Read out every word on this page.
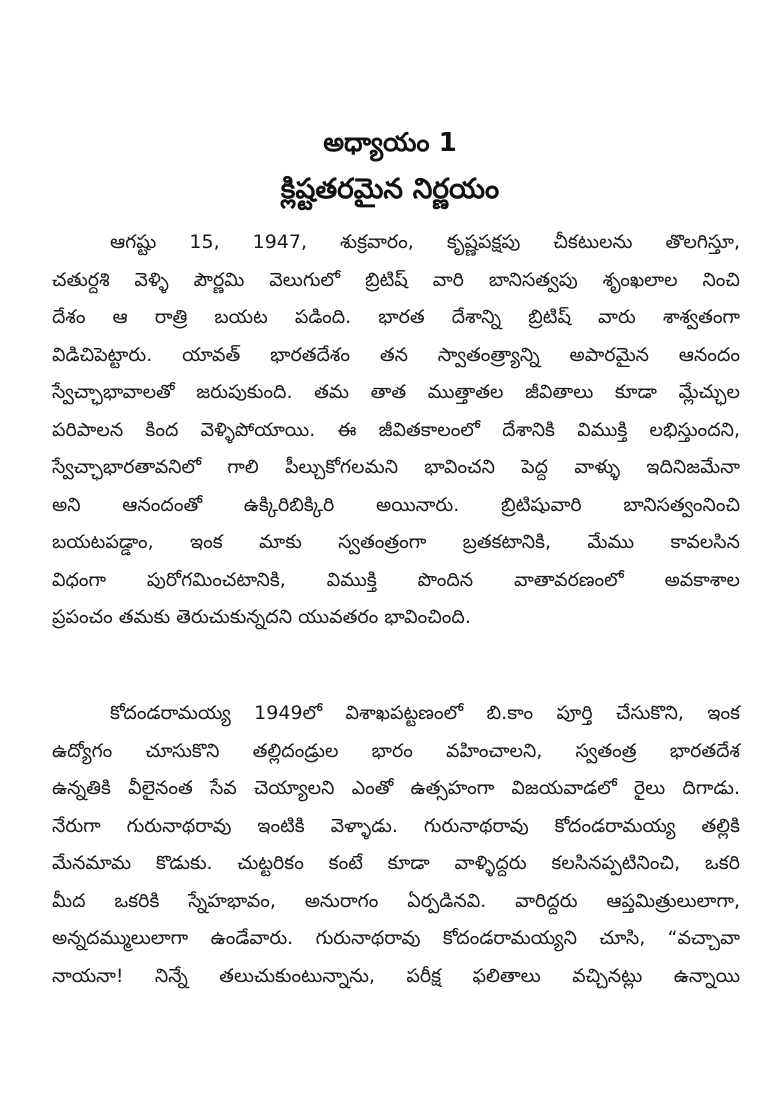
అధ్యాయం 1
క్లిష్టతరమైన నిర్ణయం
ఆగష్టు 15, 1947, శుక్రవారం, కృష్ణపక్షపు చీకటులను తొలగిస్తూ,
చతుర్దశి వెళ్ళి పౌర్ణమి వెలుగులో బ్రిటిష్ వారి బానిసత్వపు శృంఖలాల నించి
దేశం ఆ రాత్రి బయట పడింది. భారత దేశాన్ని బ్రిటిష్ వారు శాశ్వతంగా
విడిచిపెట్టారు. యావత్ భారతదేశం తన స్వాతంత్ర్యాన్ని అపారమైన ఆనందం
స్వేచ్ఛాభావాలతో జరుపుకుంది. తమ తాత ముత్తాతల జీవితాలు కూడా మ్లేచ్ఛుల
పరిపాలన కింద వెళ్ళిపోయాయి. ఈ జీవితకాలంలో దేశానికి విముక్తి లభిస్తుందని,
స్వేచ్ఛాభారతావనిలో గాలి పీల్చుకోగలమని భావించని పెద్ద వాళ్ళు ఇదినిజమేనా
అని ఆనందంతో ఉక్కిరిబిక్కిరి అయినారు. బ్రిటిషువారి బానిసత్వంనించి
బయటపడ్డాం, ఇంక మాకు స్వతంత్రంగా బ్రతకటానికి, మేము కావలసిన
విధంగా పురోగమించటానికి, విముక్తి పొందిన వాతావరణంలో అవకాశాల
ప్రపంచం తమకు తెరుచుకున్నదని యువతరం భావించింది.
కోదండరామయ్య 1949లో విశాఖపట్టణంలో బి.కాం పూర్తి చేసుకొని, ఇంక
ఉద్యోగం చూసుకొని తల్లిదండ్రుల భారం వహించాలని, స్వతంత్ర భారతదేశ
ఉన్నతికి వీలైనంత సేవ చెయ్యాలని ఎంతో ఉత్సహంగా విజయవాడలో రైలు దిగాడు.
నేరుగా గురునాథరావు ఇంటికి వెళ్ళాడు. గురునాథరావు కోదండరామయ్య తల్లికి
మేనమామ కొడుకు. చుట్టరికం కంటే కూడా వాళ్ళిద్దరు కలసినప్పటినించి, ఒకరి
మీద ఒకరికి స్నేహభావం, అనురాగం ఏర్పడినవి. వారిద్దరు ఆప్తమిత్రులులాగా,
అన్నదమ్ములులాగా ఉండేవారు. గురునాథరావు కోదండరామయ్యని చూసి, “వచ్చావా
నాయనా! నిన్నే తలుచుకుంటున్నాను, పరీక్ష ఫలితాలు వచ్చినట్లు ఉన్నాయి
